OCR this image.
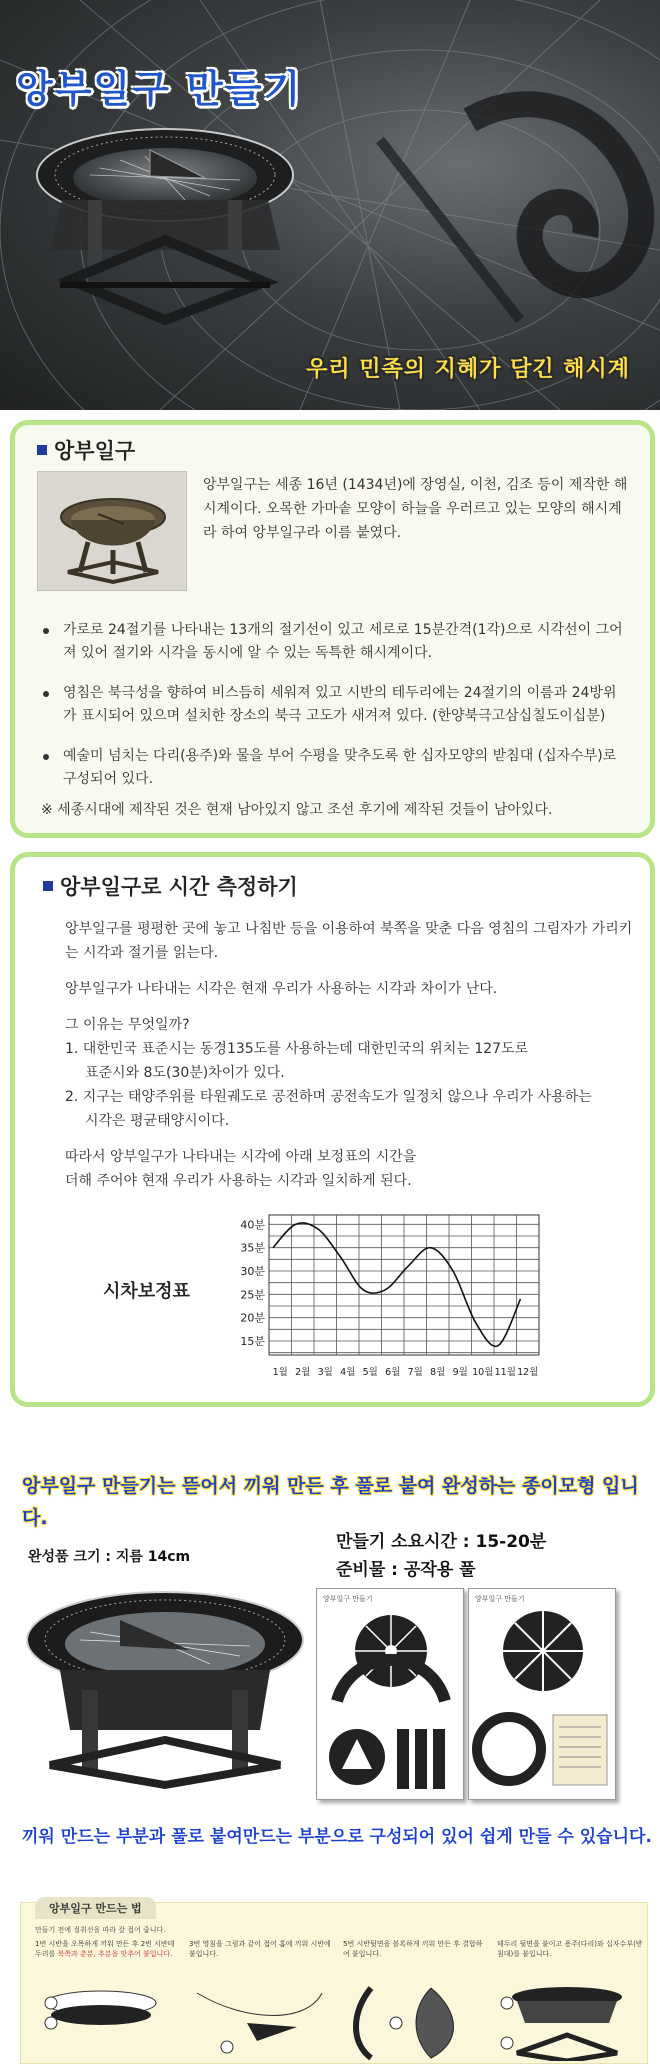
앙부일구 만들기
우리 민족의 지혜가 담긴 해시계
앙부일구
앙부일구는 세종 16년 (1434년)에 장영실, 이천, 김조 등이 제작한 해시계이다. 오목한 가마솥 모양이 하늘을 우러르고 있는 모양의 해시계라 하여 앙부일구라 이름 붙였다.
가로로 24절기를 나타내는 13개의 절기선이 있고 세로로 15분간격(1각)으로 시각선이 그어져 있어 절기와 시각을 동시에 알 수 있는 독특한 해시계이다.
영침은 북극성을 향하여 비스듬히 세워져 있고 시반의 테두리에는 24절기의 이름과 24방위가 표시되어 있으며 설치한 장소의 북극 고도가 새겨져 있다. (한양북극고삼십칠도이십분)
예술미 넘치는 다리(용주)와 물을 부어 수평을 맞추도록 한 십자모양의 받침대 (십자수부)로 구성되어 있다.
※ 세종시대에 제작된 것은 현재 남아있지 않고 조선 후기에 제작된 것들이 남아있다.
앙부일구로 시간 측정하기

앙부일구를 평평한 곳에 놓고 나침반 등을 이용하여 북쪽을 맞춘 다음 영침의 그림자가 가리키는 시각과 절기를 읽는다.

앙부일구가 나타내는 시각은 현재 우리가 사용하는 시각과 차이가 난다.

그 이유는 무엇일까?
1. 대한민국 표준시는 동경135도를 사용하는데 대한민국의 위치는 127도로
표준시와 8도(30분)차이가 있다.
2. 지구는 태양주위를 타원궤도로 공전하며 공전속도가 일정치 않으나 우리가 사용하는
시각은 평균태양시이다.
따라서 앙부일구가 나타내는 시각에 아래 보정표의 시간을
더해 주어야 현재 우리가 사용하는 시각과 일치하게 된다.
시차보정표
15분
20분
25분
30분
35분
40분
1월 2월 3월 4월 5월 6월 7월 8월 9월 10월 11월 12월
앙부일구 만들기는 뜯어서 끼워 만든 후 풀로 붙여 완성하는 종이모형 입니다.
완성품 크기 : 지름 14cm
만들기 소요시간 : 15-20분
준비물 : 공작용 풀
앙부일구 만들기	앙부일구 만들기
끼워 만드는 부분과 풀로 붙여만드는 부분으로 구성되어 있어 쉽게 만들 수 있습니다.
앙부일구 만드는 법
만들기 전에 절취선을 따라 잘 접어 줍니다.
1번 시반을 오목하게 끼워 만든 후 2번 시반테두리를 북쪽과 춘분, 추분을 맞추어 붙입니다.
3번 영침을 그림과 같이 접어 홈에 끼워 시반에 붙입니다.
5번 시반뒷면을 볼록하게 끼워 만든 후 결합하여 붙입니다.
테두리 뒷면을 붙이고 용주(다리)와 십자수부(받침대)를 붙입니다.
